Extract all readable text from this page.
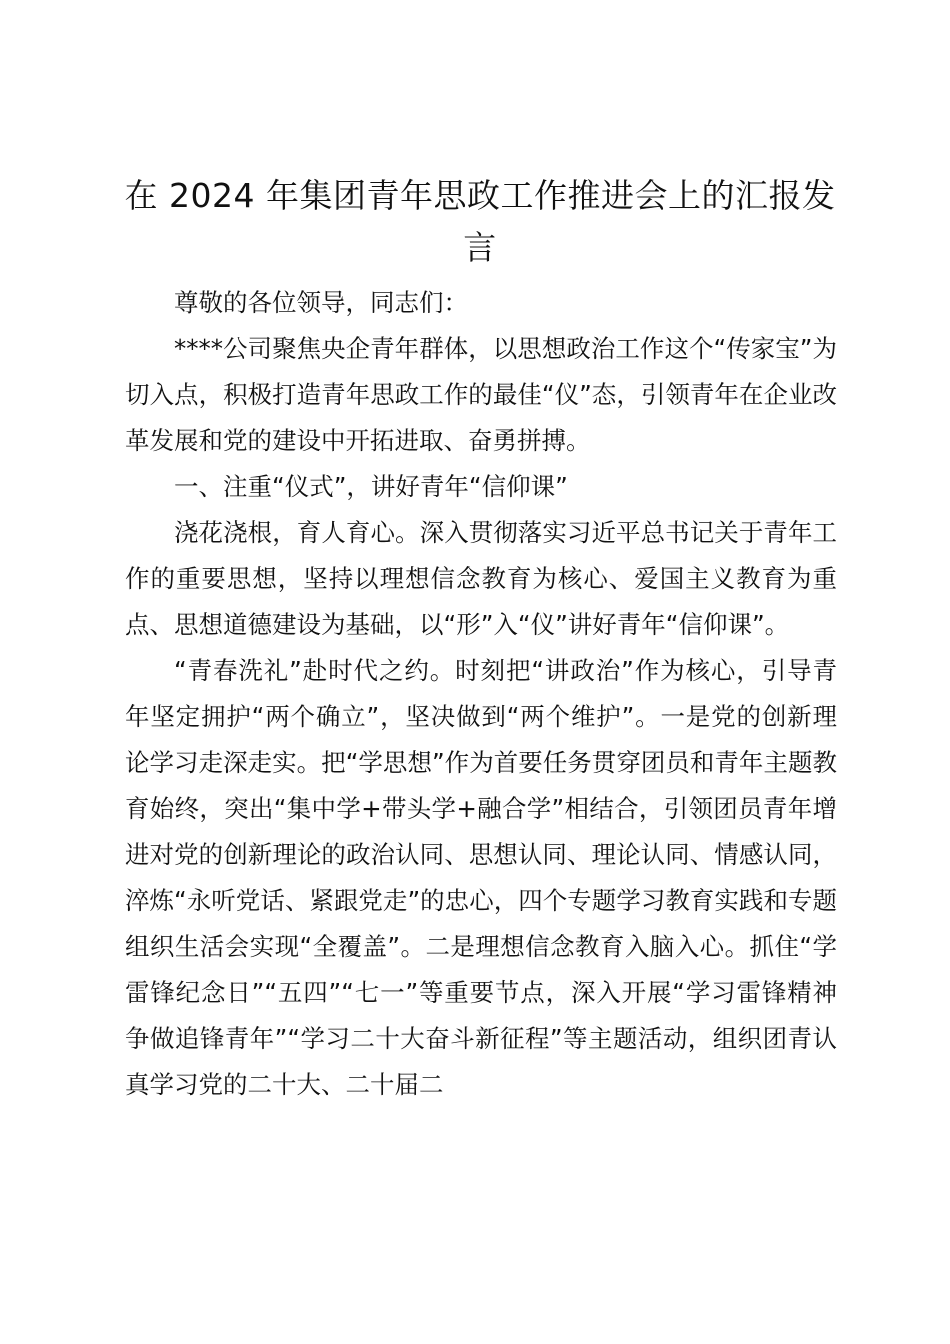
在 2024 年集团青年思政工作推进会上的汇报发言

尊敬的各位领导，同志们：

****公司聚焦央企青年群体，以思想政治工作这个“传家宝”为切入点，积极打造青年思政工作的最佳“仪”态，引领青年在企业改革发展和党的建设中开拓进取、奋勇拼搏。

一、注重“仪式”，讲好青年“信仰课”

浇花浇根，育人育心。深入贯彻落实习近平总书记关于青年工作的重要思想，坚持以理想信念教育为核心、爱国主义教育为重点、思想道德建设为基础，以“形”入“仪”讲好青年“信仰课”。

“青春洗礼”赴时代之约。时刻把“讲政治”作为核心，引导青年坚定拥护“两个确立”，坚决做到“两个维护”。一是党的创新理论学习走深走实。把“学思想”作为首要任务贯穿团员和青年主题教育始终，突出“集中学+带头学+融合学”相结合，引领团员青年增进对党的创新理论的政治认同、思想认同、理论认同、情感认同，淬炼“永听党话、紧跟党走”的忠心，四个专题学习教育实践和专题组织生活会实现“全覆盖”。二是理想信念教育入脑入心。抓住“学雷锋纪念日”“五四”“七一”等重要节点，深入开展“学习雷锋精神争做追锋青年”“学习二十大奋斗新征程”等主题活动，组织团青认真学习党的二十大、二十届二
